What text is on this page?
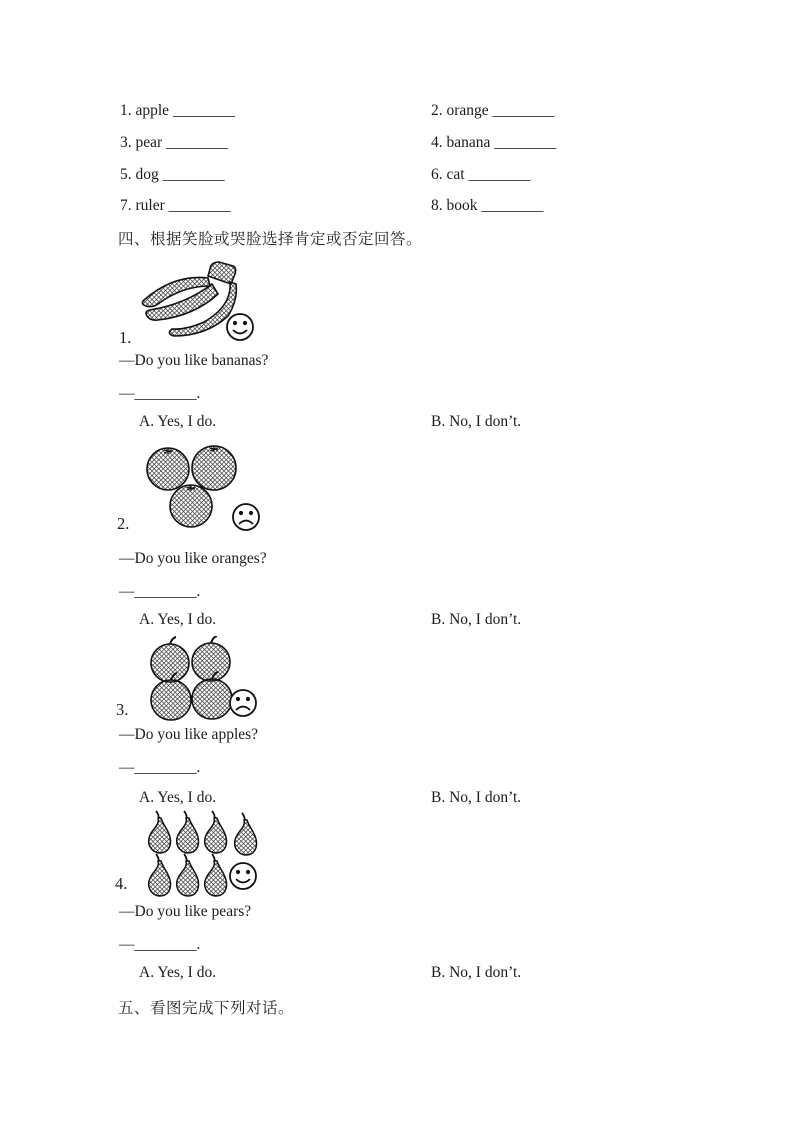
1. apple ________	2. orange ________
3. pear ________	4. banana ________
5. dog ________	6. cat ________
7. ruler ________	8. book ________
四、根据笑脸或哭脸选择肯定或否定回答。
1.
—Do you like bananas?
—________.
A. Yes, I do.	B. No, I don’t.
2.
—Do you like oranges?
—________.
A. Yes, I do.	B. No, I don’t.
3.
—Do you like apples?
—________.
A. Yes, I do.	B. No, I don’t.
4.
—Do you like pears?
—________.
A. Yes, I do.	B. No, I don’t.
五、看图完成下列对话。
